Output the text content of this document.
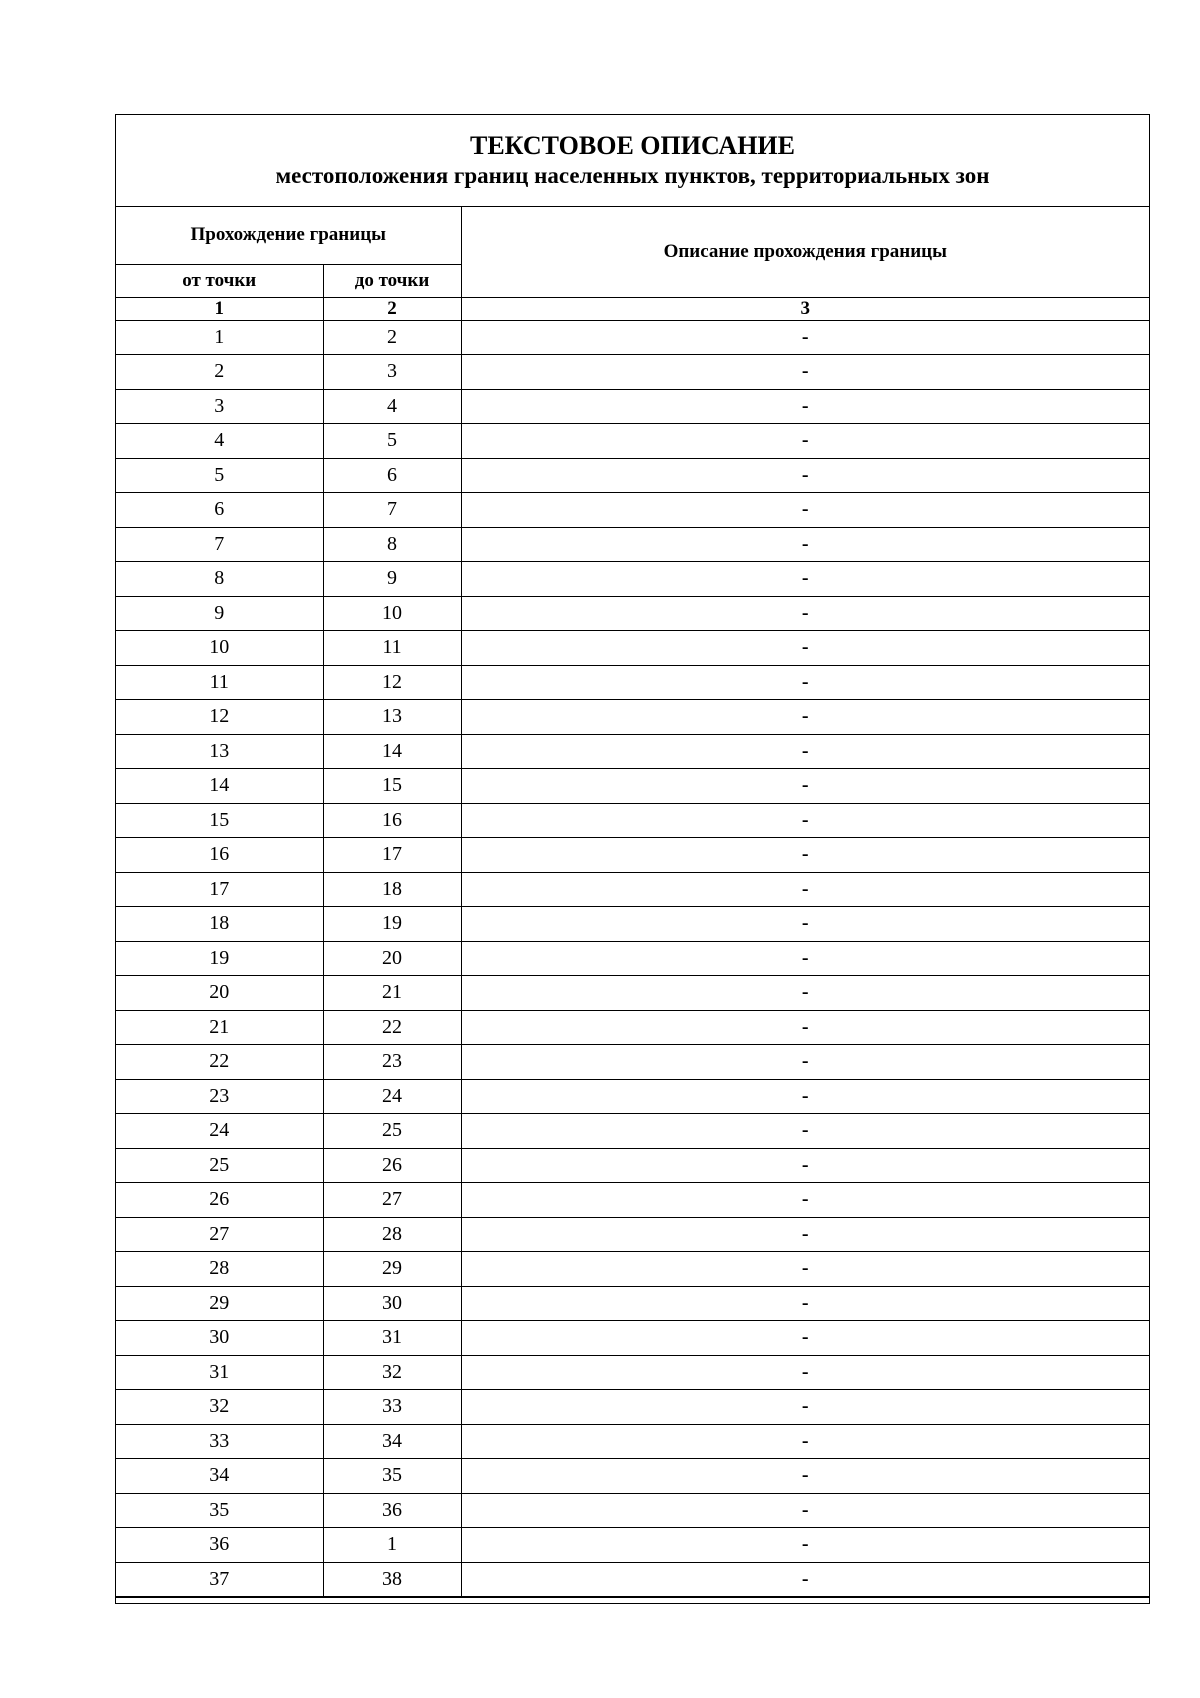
ТЕКСТОВОЕ ОПИСАНИЕ
местоположения границ населенных пунктов, территориальных зон
Прохождение границы		Описание прохождения границы
от точки	до точки	
1	2	3
1	2	-
2	3	-
3	4	-
4	5	-
5	6	-
6	7	-
7	8	-
8	9	-
9	10	-
10	11	-
11	12	-
12	13	-
13	14	-
14	15	-
15	16	-
16	17	-
17	18	-
18	19	-
19	20	-
20	21	-
21	22	-
22	23	-
23	24	-
24	25	-
25	26	-
26	27	-
27	28	-
28	29	-
29	30	-
30	31	-
31	32	-
32	33	-
33	34	-
34	35	-
35	36	-
36	1	-
37	38	-
